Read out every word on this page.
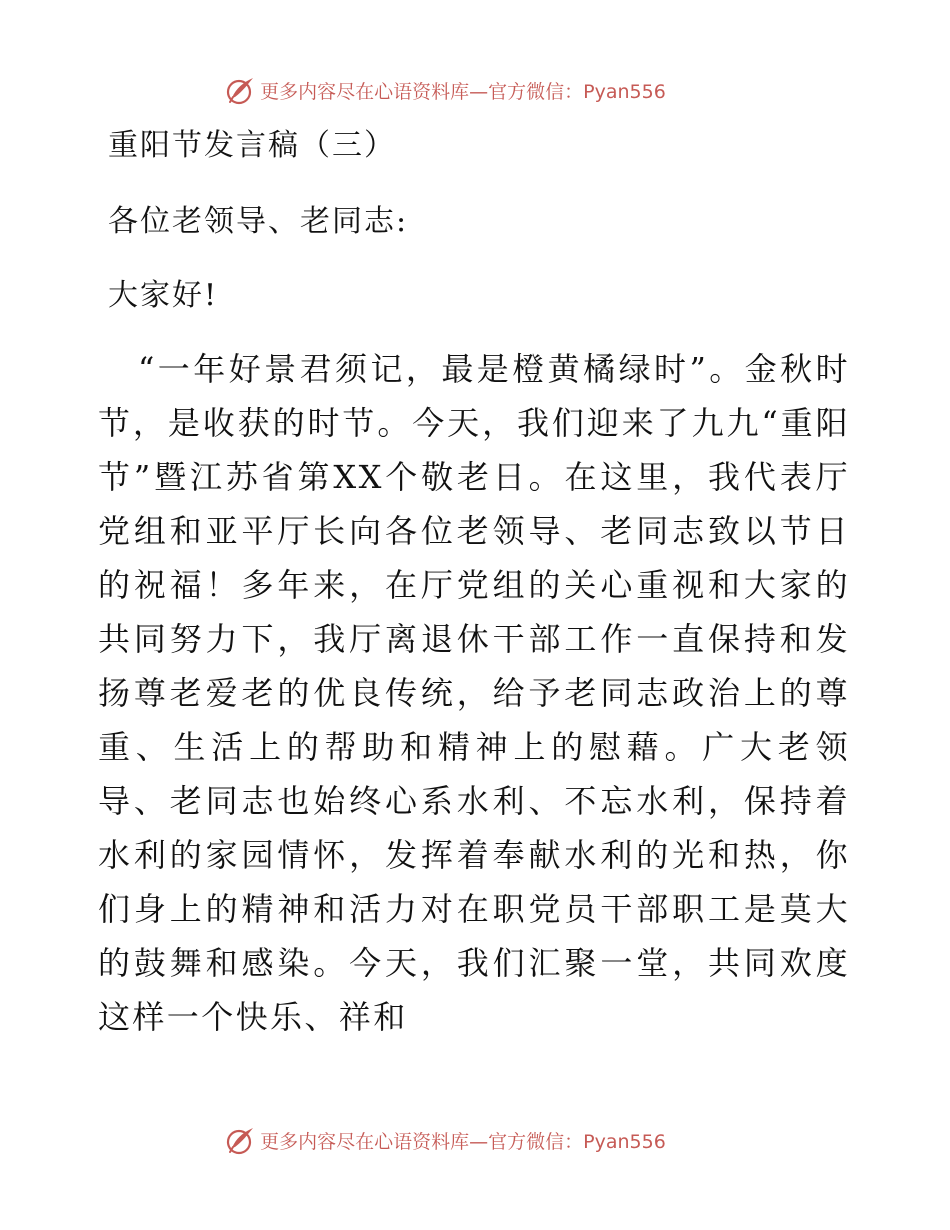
更多内容尽在心语资料库—官方微信：Pyan556
重阳节发言稿（三）
各位老领导、老同志:
大家好!
“一年好景君须记，最是橙黄橘绿时”。金秋时节，是收获的时节。今天，我们迎来了九九“重阳节”暨江苏省第XX个敬老日。在这里，我代表厅党组和亚平厅长向各位老领导、老同志致以节日的祝福！多年来，在厅党组的关心重视和大家的共同努力下，我厅离退休干部工作一直保持和发扬尊老爱老的优良传统，给予老同志政治上的尊重、生活上的帮助和精神上的慰藉。广大老领导、老同志也始终心系水利、不忘水利，保持着水利的家园情怀，发挥着奉献水利的光和热，你们身上的精神和活力对在职党员干部职工是莫大的鼓舞和感染。今天，我们汇聚一堂，共同欢度这样一个快乐、祥和
更多内容尽在心语资料库—官方微信：Pyan556
